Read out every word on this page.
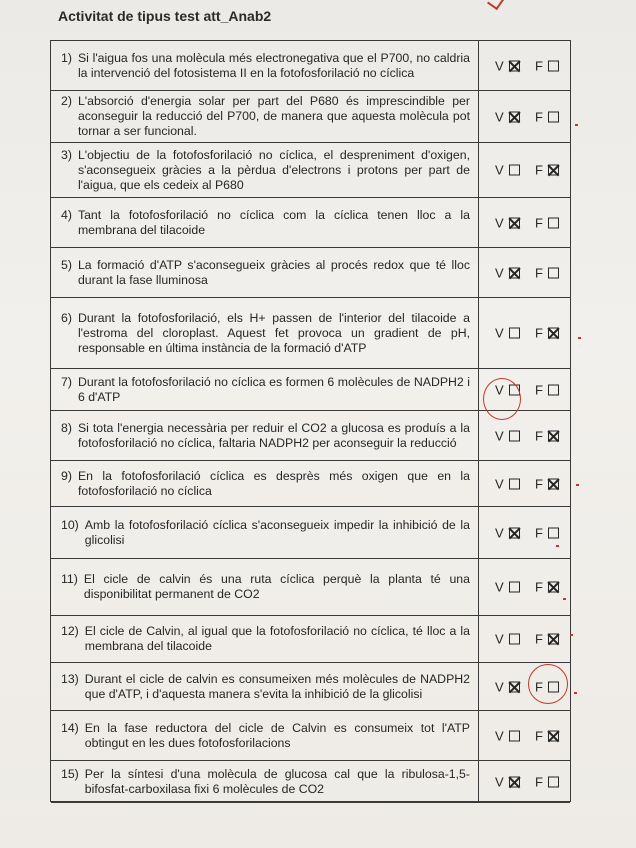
Activitat de tipus test att_Anab2
1) Si l'aigua fos una molècula més electronegativa que el P700, no caldria la intervenció del fotosistema II en la fotofosforilació no cíclica	V F
2) L'absorció d'energia solar per part del P680 és imprescindible per aconseguir la reducció del P700, de manera que aquesta molècula pot tornar a ser funcional.
V F
3) L'objectiu de la fotofosforilació no cíclica, el despreniment d'oxigen, s'aconsegueix gràcies a la pèrdua d'electrons i protons per part de l'aigua, que els cedeix al P680
V F
4) Tant la fotofosforilació no cíclica com la cíclica tenen lloc a la membrana del tilacoide	V F
5) La formació d'ATP s'aconsegueix gràcies al procés redox que té lloc durant la fase lluminosa	V F
6) Durant la fotofosforilació, els H+ passen de l'interior del tilacoide a l'estroma del cloroplast. Aquest fet provoca un gradient de pH, responsable en última instància de la formació d'ATP
V F
7) Durant la fotofosforilació no cíclica es formen 6 molècules de NADPH2 i 6 d'ATP	V F
8) Si tota l'energia necessària per reduir el CO2 a glucosa es produís a la fotofosforilació no cíclica, faltaria NADPH2 per aconseguir la reducció	V F
9) En la fotofosforilació cíclica es desprès més oxigen que en la fotofosforilació no cíclica	V F
10) Amb la fotofosforilació cíclica s'aconsegueix impedir la inhibició de la glicolisi	V F
11) El cicle de calvin és una ruta cíclica perquè la planta té una disponibilitat permanent de CO2	V F
12) El cicle de Calvin, al igual que la fotofosforilació no cíclica, té lloc a la membrana del tilacoide	V F
13) Durant el cicle de calvin es consumeixen més molècules de NADPH2 que d'ATP, i d'aquesta manera s'evita la inhibició de la glicolisi	V F
14) En la fase reductora del cicle de Calvin es consumeix tot l'ATP obtingut en les dues fotofosforilacions	V F
15) Per la síntesi d'una molècula de glucosa cal que la ribulosa-1,5-bifosfat-carboxilasa fixi 6 molècules de CO2	V F
